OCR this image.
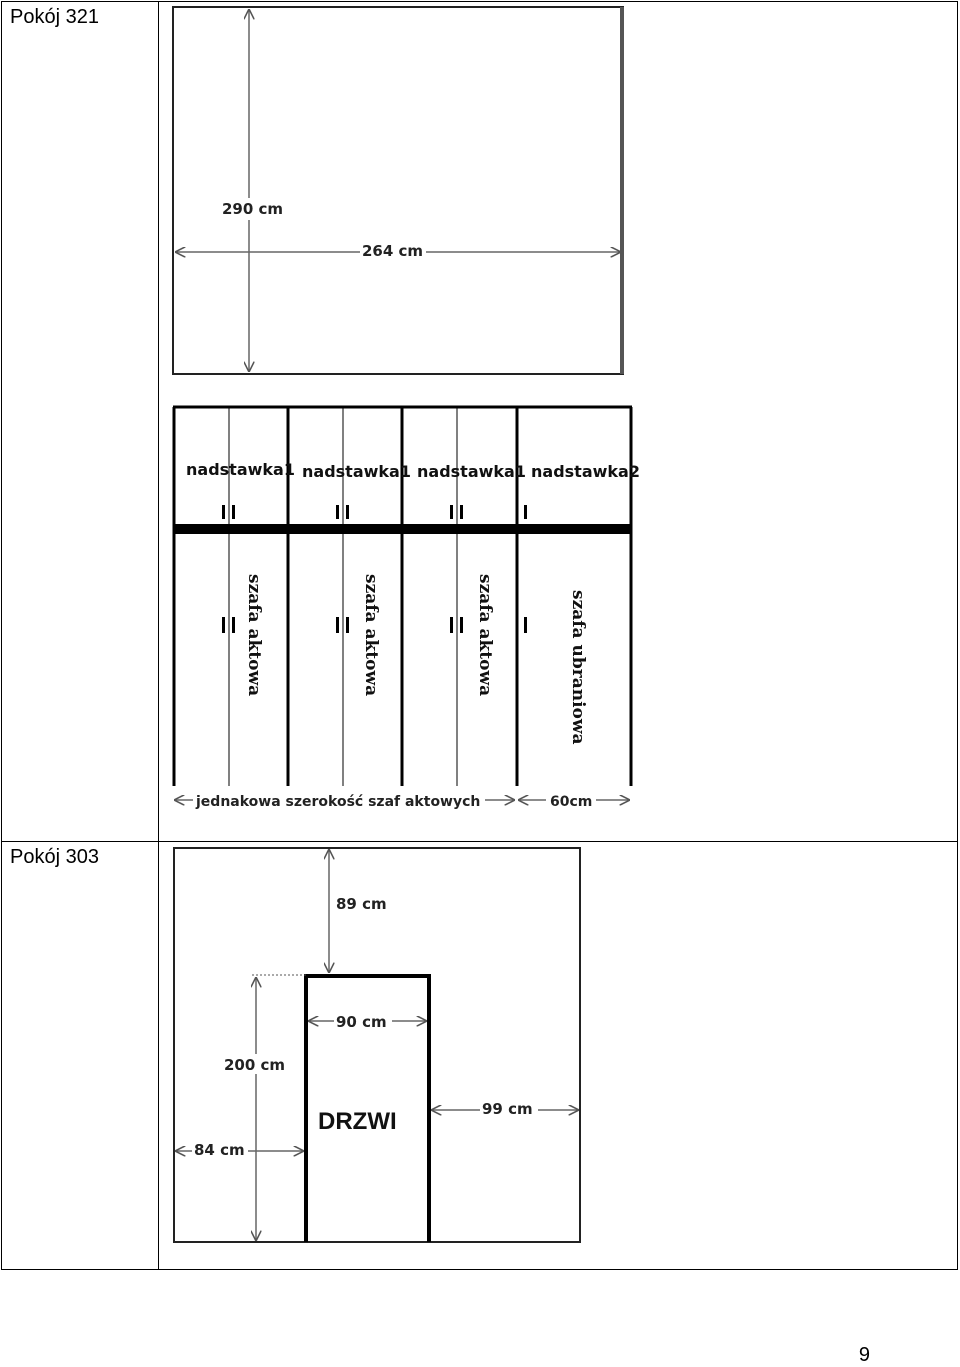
Pokój 321
Pokój 303
290 cm
264 cm
nadstawka1 nadstawka1 nadstawka1 nadstawka2
szafa aktowa	szafa aktowa	szafa aktowa	szafa ubraniowa
jednakowa szerokość szaf aktowych	60cm
DRZWI
89 cm
90 cm
200 cm
84 cm
99 cm
9
